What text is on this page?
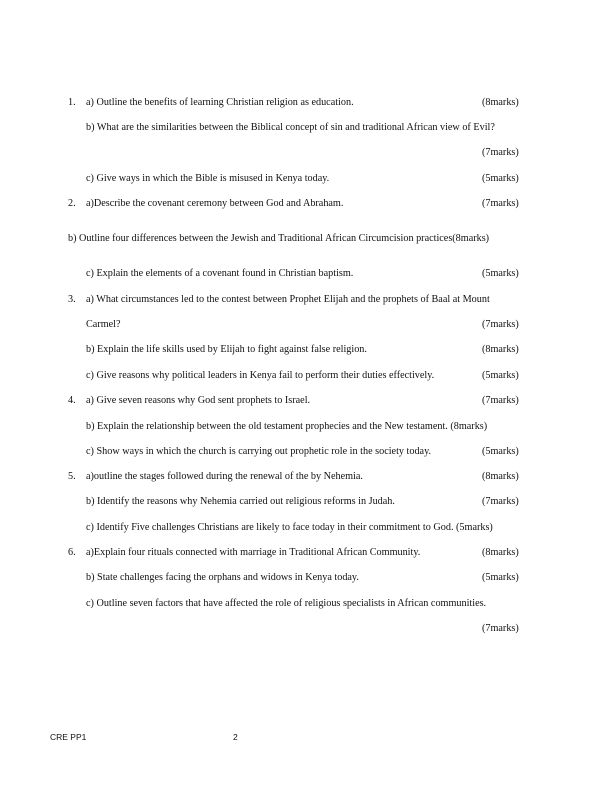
1. a) Outline the benefits of learning Christian religion as education.	(8marks)
b) What are the similarities between the Biblical concept of sin and traditional African view of Evil?
(7marks)
c) Give ways in which the Bible is misused in Kenya today.	(5marks)
2. a)Describe the covenant ceremony between God and Abraham.	(7marks)
b) Outline four differences between the Jewish and Traditional African Circumcision practices(8marks)
c) Explain the elements of a covenant found in Christian baptism.	(5marks)
3. a) What circumstances led to the contest between Prophet Elijah and the prophets of Baal at Mount
Carmel?	(7marks)
b) Explain the life skills used by Elijah to fight against false religion.	(8marks)
c) Give reasons why political leaders in Kenya fail to perform their duties effectively.	(5marks)
4. a) Give seven reasons why God sent prophets to Israel.	(7marks)
b) Explain the relationship between the old testament prophecies and the New testament. (8marks)
c) Show ways in which the church is carrying out prophetic role in the society today.	(5marks)
5. a)outline the stages followed during the renewal of the by Nehemia.	(8marks)
b) Identify the reasons why Nehemia carried out religious reforms in Judah.	(7marks)
c) Identify Five challenges Christians are likely to face today in their commitment to God. (5marks)
6. a)Explain four rituals connected with marriage in Traditional African Community.	(8marks)
b) State challenges facing the orphans and widows in Kenya today.	(5marks)
c) Outline seven factors that have affected the role of religious specialists in African communities.
(7marks)
CRE PP1	2
